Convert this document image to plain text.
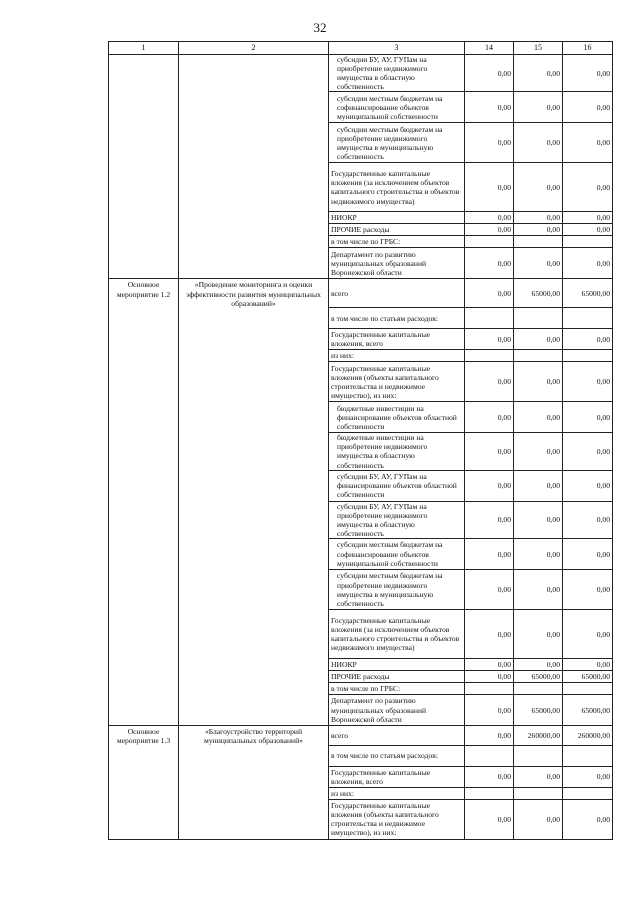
32
1	2	3	14	15	16
		субсидии БУ, АУ, ГУПам на приобретение недвижимого имущества в областную собственность	0,00	0,00	0,00
		субсидии местным бюджетам на софинансирование объектов муниципальной собственности	0,00	0,00	0,00
		субсидии местным бюджетам на приобретение недвижимого имущества в муниципальную собственность	0,00	0,00	0,00
		Государственные капитальные вложения (за исключением объектов капитального строительства и объектов недвижимого имущества)	0,00	0,00	0,00
		НИОКР	0,00	0,00	0,00
		ПРОЧИЕ расходы	0,00	0,00	0,00
		в том числе по ГРБС:			
		Департамент по развитию муниципальных образований Воронежской области	0,00	0,00	0,00
Основное мероприятие 1.2	«Проведение мониторинга и оценки эффективности развития муниципальных образований»	всего	0,00	65000,00	65000,00
		в том числе по статьям расходов:			
		Государственные капитальные вложения, всего	0,00	0,00	0,00
		из них:			
		Государственные капитальные вложения (объекты капитального строительства и недвижимое имущество), из них:	0,00	0,00	0,00
		бюджетные инвестиции на финансирование объектов областной собственности	0,00	0,00	0,00
		бюджетные инвестиции на приобретение недвижимого имущества в областную собственность	0,00	0,00	0,00
		субсидии БУ, АУ, ГУПам на финансирование объектов областной собственности	0,00	0,00	0,00
		субсидии БУ, АУ, ГУПам на приобретение недвижимого имущества в областную собственность	0,00	0,00	0,00
		субсидии местным бюджетам на софинансирование объектов муниципальной собственности	0,00	0,00	0,00
		субсидии местным бюджетам на приобретение недвижимого имущества в муниципальную собственность	0,00	0,00	0,00
		Государственные капитальные вложения (за исключением объектов капитального строительства и объектов недвижимого имущества)	0,00	0,00	0,00
		НИОКР	0,00	0,00	0,00
		ПРОЧИЕ расходы	0,00	65000,00	65000,00
		в том числе по ГРБС:			
		Департамент по развитию муниципальных образований Воронежской области	0,00	65000,00	65000,00
Основное мероприятие 1.3	«Благоустройство территорий муниципальных образований»	всего	0,00	260000,00	260000,00
		в том числе по статьям расходов:			
		Государственные капитальные вложения, всего	0,00	0,00	0,00
		из них:			
		Государственные капитальные вложения (объекты капитального строительства и недвижимое имущество), из них:	0,00	0,00	0,00
